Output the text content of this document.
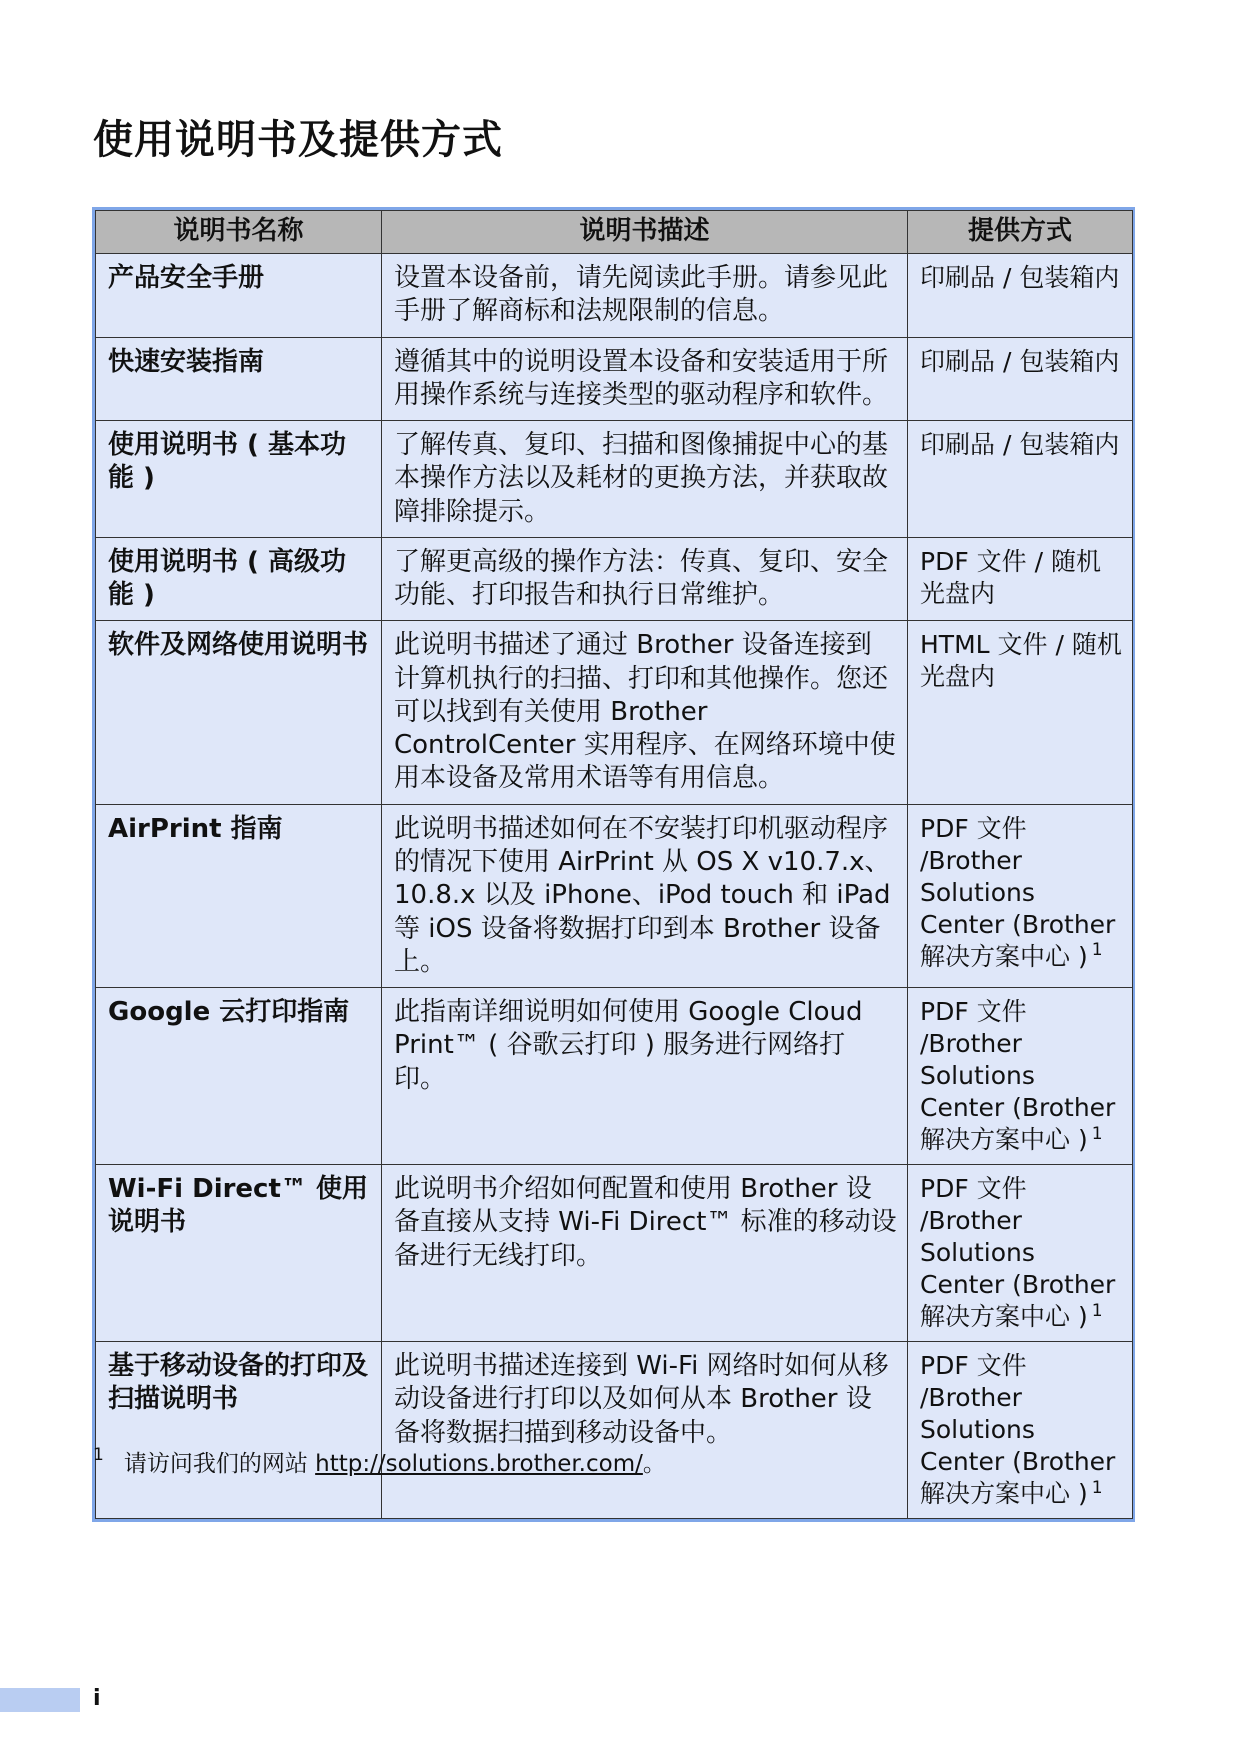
使用说明书及提供方式
说明书名称	说明书描述	提供方式
产品安全手册	设置本设备前，请先阅读此手册。请参见此手册了解商标和法规限制的信息。	印刷品 / 包装箱内
快速安装指南	遵循其中的说明设置本设备和安装适用于所用操作系统与连接类型的驱动程序和软件。	印刷品 / 包装箱内
使用说明书 ( 基本功能 )	了解传真、复印、扫描和图像捕捉中心的基本操作方法以及耗材的更换方法，并获取故障排除提示。	印刷品 / 包装箱内
使用说明书 ( 高级功能 )	了解更高级的操作方法：传真、复印、安全功能、打印报告和执行日常维护。	PDF 文件 / 随机光盘内
软件及网络使用说明书	此说明书描述了通过 Brother 设备连接到计算机执行的扫描、打印和其他操作。您还可以找到有关使用 Brother ControlCenter 实用程序、在网络环境中使用本设备及常用术语等有用信息。	HTML 文件 / 随机光盘内
AirPrint 指南	此说明书描述如何在不安装打印机驱动程序的情况下使用 AirPrint 从 OS X v10.7.x、10.8.x 以及 iPhone、iPod touch 和 iPad 等 iOS 设备将数据打印到本 Brother 设备上。	PDF 文件 /Brother Solutions Center (Brother 解决方案中心 ) $^1$
Google 云打印指南	此指南详细说明如何使用 Google Cloud Print™ ( 谷歌云打印 ) 服务进行网络打印。	PDF 文件 /Brother Solutions Center (Brother 解决方案中心 ) $^1$
Wi-Fi Direct™ 使用说明书	此说明书介绍如何配置和使用 Brother 设备直接从支持 Wi-Fi Direct™ 标准的移动设备进行无线打印。	PDF 文件 /Brother Solutions Center (Brother 解决方案中心 ) $^1$
基于移动设备的打印及扫描说明书	此说明书描述连接到 Wi-Fi 网络时如何从移动设备进行打印以及如何从本 Brother 设备将数据扫描到移动设备中。	PDF 文件 /Brother Solutions Center (Brother 解决方案中心 ) $^1$
$^1$ 请访问我们的网站 http://solutions.brother.com/。
i
